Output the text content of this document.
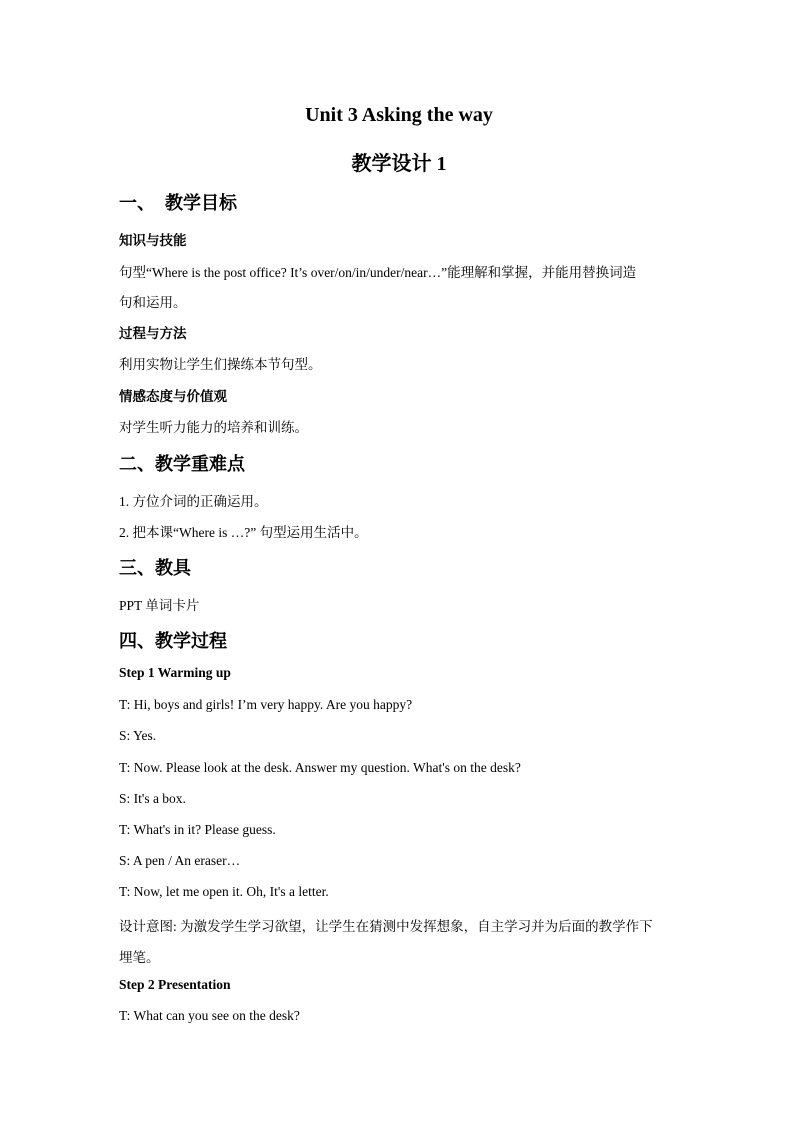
Unit 3 Asking the way
教学设计 1
一、 教学目标
知识与技能
句型“Where is the post office? It’s over/on/in/under/near…”能理解和掌握，并能用替换词造
句和运用。
过程与方法
利用实物让学生们操练本节句型。
情感态度与价值观
对学生听力能力的培养和训练。
二、教学重难点
1. 方位介词的正确运用。
2. 把本课“Where is …?” 句型运用生活中。
三、教具
PPT 单词卡片
四、教学过程
Step 1 Warming up
T: Hi, boys and girls! I’m very happy. Are you happy?
S: Yes.
T: Now. Please look at the desk. Answer my question. What's on the desk?
S: It's a box.
T: What's in it? Please guess.
S: A pen / An eraser…
T: Now, let me open it. Oh, It's a letter.
设计意图: 为激发学生学习欲望，让学生在猜测中发挥想象，自主学习并为后面的教学作下
埋笔。
Step 2 Presentation
T: What can you see on the desk?
